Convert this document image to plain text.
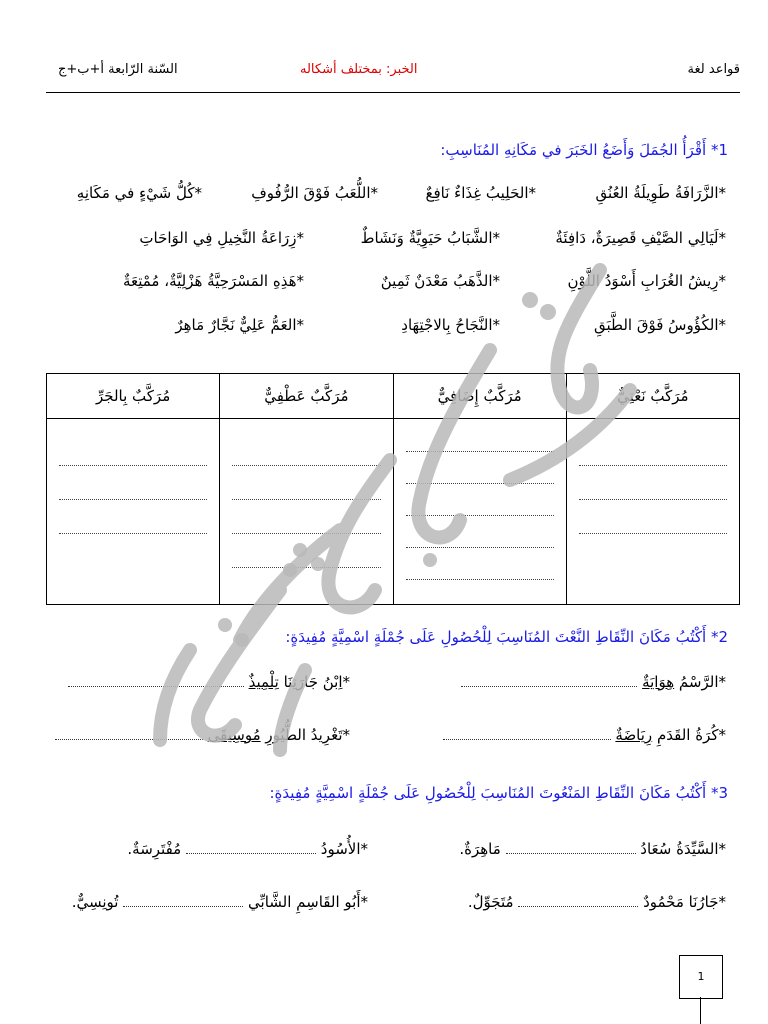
قواعد لغة
الخبر: بمختلف أشكاله
السّنة الرّابعة أ+ب+ج
1* أَقْرَأُ الجُمَلَ وَأَضَعُ الخَبَرَ في مَكَانِهِ المُنَاسِبِ:
*الزَّرَافَةُ طَوِيلَةُ العُنُقِ
*الحَلِيبُ غِذَاءٌ نَافِعٌ
*اللُّعَبُ فَوْقَ الرُّفُوفِ
*كُلُّ شَيْءٍ في مَكَانِهِ
*لَيَالِي الصَّيْفِ قَصِيرَةٌ، دَافِئَةٌ
*الشَّبَابُ حَيَوِيَّةٌ وَنَشَاطٌ
*زِرَاعَةُ النَّخِيلِ فِي الوَاحَاتِ
*رِيشُ الغُرَابِ أَسْوَدُ اللَّوْنِ
*الذَّهَبُ مَعْدَنٌ ثَمِينٌ
*هَذِهِ المَسْرَحِيَّةُ هَزْلِيَّةٌ، مُمْتِعَةٌ
*الكُؤُوسُ فَوْقَ الطَّبَقِ
*النَّجَاحُ بِالاجْتِهَادِ
*العَمُّ عَلِيٌّ نَجَّارٌ مَاهِرٌ
مُرَكَّبٌ نَعْتِيٌّ	مُرَكَّبٌ إِضَافِيٌّ	مُرَكَّبٌ عَطْفِيٌّ	مُرَكَّبٌ بِالجَرِّ

2* أَكْتُبُ مَكَانَ النِّقَاطِ النَّعْتَ المُنَاسِبَ لِلْحُصُولِ عَلَى جُمْلَةٍ اسْمِيَّةٍ مُفِيدَةٍ:
*الرَّسْمُ هِوَايَةٌ
*اِبْنُ جَارَتِنَا تِلْمِيذٌ
*كُرَةُ القَدَمِ رِيَاضَةٌ
*تَغْرِيدُ الطُّيُورِ مُوسِيقَى
3* أَكْتُبُ مَكَانَ النِّقَاطِ المَنْعُوتَ المُنَاسِبَ لِلْحُصُولِ عَلَى جُمْلَةٍ اسْمِيَّةٍ مُفِيدَةٍ:
*السَّيِّدَةُ سُعَادُ  مَاهِرَةٌ.
*الأُسُودُ  مُفْتَرِسَةٌ.
*جَارُنَا مَحْمُودٌ  مُتَجَوِّلٌ.
*أَبُو القَاسِمِ الشَّابِّي  تُونِسِيٌّ.
1
